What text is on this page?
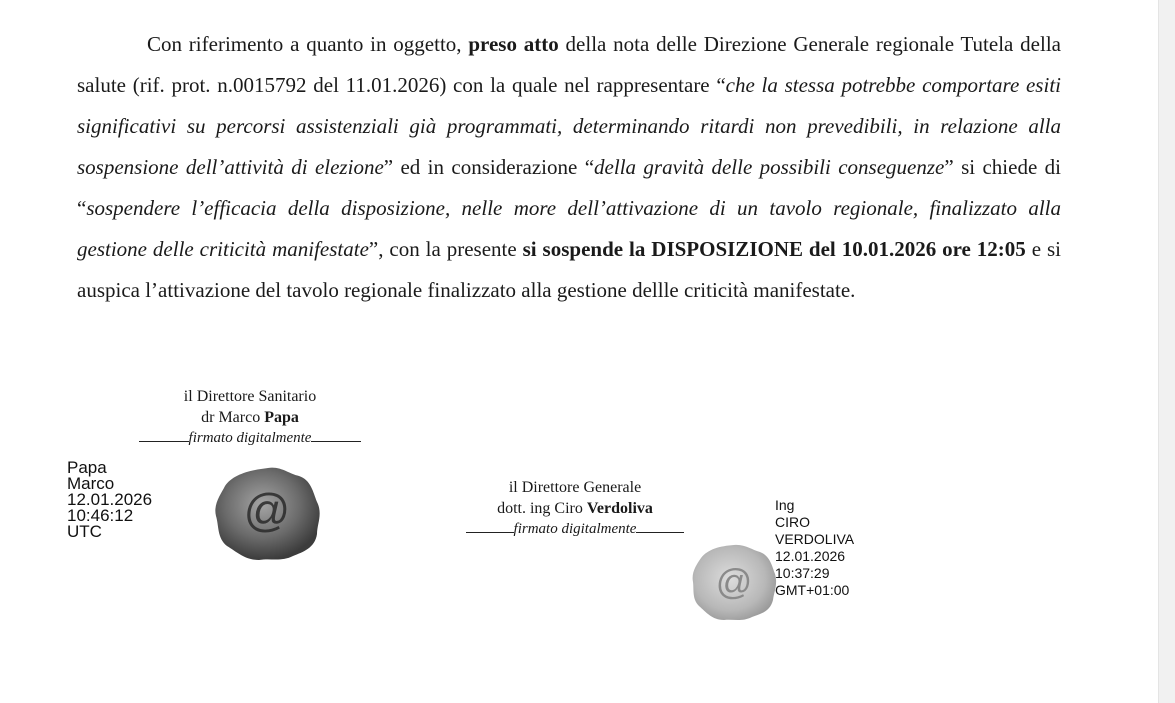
Con riferimento a quanto in oggetto, preso atto della nota delle Direzione Generale regionale Tutela della salute (rif. prot. n.0015792 del 11.01.2026) con la quale nel rappresentare “che la stessa potrebbe comportare esiti significativi su percorsi assistenziali già programmati, determinando ritardi non prevedibili, in relazione alla sospensione dell’attività di elezione” ed in considerazione “della gravità delle possibili conseguenze” si chiede di “sospendere l’efficacia della disposizione, nelle more dell’attivazione di un tavolo regionale, finalizzato alla gestione delle criticità manifestate”, con la presente si sospende la DISPOSIZIONE del 10.01.2026 ore 12:05 e si auspica l’attivazione del tavolo regionale finalizzato alla gestione dellle criticità manifestate.

il Direttore Sanitario
dr Marco Papa
firmato digitalmente
Papa
Marco
12.01.2026
10:46:12
UTC	@	il Direttore Generale
dott. ing Ciro Verdoliva
firmato digitalmente
@
Ing
CIRO
VERDOLIVA
12.01.2026
10:37:29
GMT+01:00
